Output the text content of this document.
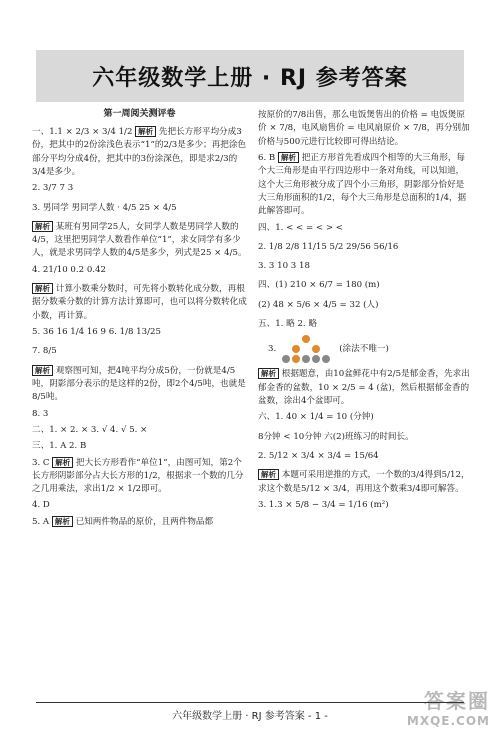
六年级数学上册 · RJ 参考答案
第一周阅关测评卷
一、1.1 × 2/3 × 3/4 1/2 解析 先把长方形平均分成3份，把其中的2份涂浅色表示“1”的2/3是多少；再把涂色部分平均分成4份，把其中的3份涂深色，即是求2/3的3/4是多少。
2. 3/7 7 3
3. 男同学 男同学人数 · 4/5 25 × 4/5
解析 某班有男同学25人，女同学人数是男同学人数的4/5，这里把男同学人数看作单位“1”，求女同学有多少人，就是求男同学人数的4/5是多少，列式是25 × 4/5。
4. 21/10 0.2 0.42
解析 计算小数乘分数时，可先将小数转化成分数，再根据分数乘分数的计算方法计算即可，也可以将分数转化成小数，再计算。
5. 36 16 1/4 16 9 6. 1/8 13/25
7. 8/5
解析 观察图可知，把4吨平均分成5份，一份就是4/5吨，阴影部分表示的是这样的2份，即2个4/5吨，也就是8/5吨。
8. 3
二、1. × 2. × 3. √ 4. √ 5. ×
三、1. A 2. B
3. C 解析 把大长方形看作“单位1”，由图可知，第2个长方形阴影部分占大长方形的1/2，根据求一个数的几分之几用乘法，求出1/2 × 1/2即可。
4. D
5. A 解析 已知两件物品的原价，且两件物品都
按原价的7/8出售，那么电饭煲售出的价格 = 电饭煲原价 × 7/8，电风扇售价 = 电风扇原价 × 7/8，再分别加价格与500元进行比较即可得出结论。
6. B 解析 把正方形首先看成四个相等的大三角形，每个大三角形是由平行四边形中一条对角线，可以知道，这个大三角形被分成了四个小三角形，阴影部分恰好是大三角形面积的1/2，每个大三角形是总面积的1/4，据此解答即可。
四、1. < < = < > <
2. 1/8 2/8 11/15 5/2 29/56 56/16
3. 3 10 3 18
四、(1) 210 × 6/7 = 180 (m)
(2) 48 × 5/6 × 4/5 = 32 (人)
五、1. 略 2. 略
3.	(涂法不唯一)
解析 根据题意，由10盆鲜花中有2/5是郁金香，先求出郁金香的盆数，10 × 2/5 = 4 (盆)，然后根据郁金香的盆数，涂出4个盆即可。
六、1. 40 × 1/4 = 10 (分钟)
8分钟 < 10分钟 六(2)班练习的时间长。
2. 5/12 × 3/4 × 3/4 = 15/64
解析 本题可采用逆推的方式，一个数的3/4得到5/12，求这个数是5/12 × 3/4，再用这个数乘3/4即可解答。
3. 1.3 × 5/8 − 3/4 = 1/16 (m²)
六年级数学上册 · RJ 参考答案 - 1 -
答案圈
MXQE.COM
